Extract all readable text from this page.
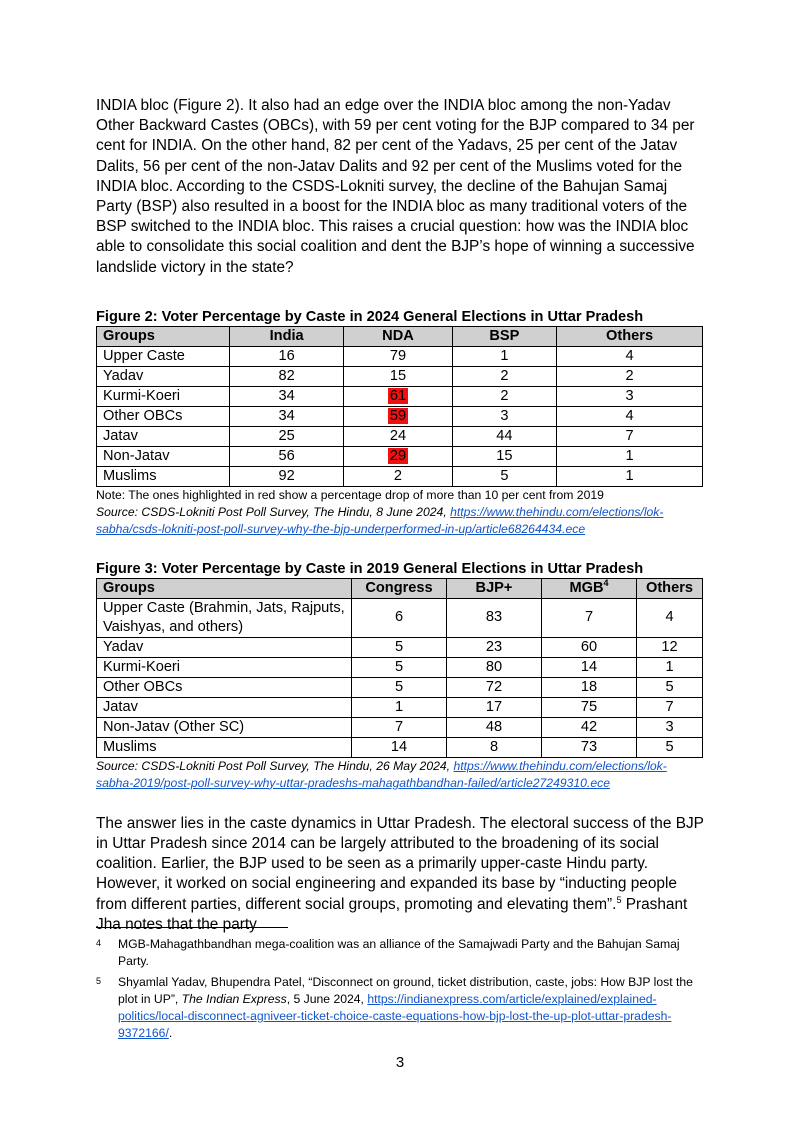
INDIA bloc (Figure 2). It also had an edge over the INDIA bloc among the non-Yadav Other Backward Castes (OBCs), with 59 per cent voting for the BJP compared to 34 per cent for INDIA. On the other hand, 82 per cent of the Yadavs, 25 per cent of the Jatav Dalits, 56 per cent of the non-Jatav Dalits and 92 per cent of the Muslims voted for the INDIA bloc. According to the CSDS-Lokniti survey, the decline of the Bahujan Samaj Party (BSP) also resulted in a boost for the INDIA bloc as many traditional voters of the BSP switched to the INDIA bloc. This raises a crucial question: how was the INDIA bloc able to consolidate this social coalition and dent the BJP’s hope of winning a successive landslide victory in the state?

Figure 2: Voter Percentage by Caste in 2024 General Elections in Uttar Pradesh

Groups	India	NDA	BSP	Others
Upper Caste	16	79	1	4
Yadav	82	15	2	2
Kurmi-Koeri	34	61	2	3
Other OBCs	34	59	3	4
Jatav	25	24	44	7
Non-Jatav	56	29	15	1
Muslims	92	2	5	1

Note: The ones highlighted in red show a percentage drop of more than 10 per cent from 2019

Source: CSDS-Lokniti Post Poll Survey, The Hindu, 8 June 2024, https://www.thehindu.com/elections/lok-sabha/csds-lokniti-post-poll-survey-why-the-bjp-underperformed-in-up/article68264434.ece

Figure 3: Voter Percentage by Caste in 2019 General Elections in Uttar Pradesh

Groups	Congress	BJP+	$MGB^4$	Others
Upper Caste (Brahmin, Jats, Rajputs, Vaishyas, and others)	6	83	7	4
Yadav	5	23	60	12
Kurmi-Koeri	5	80	14	1
Other OBCs	5	72	18	5
Jatav	1	17	75	7
Non-Jatav (Other SC)	7	48	42	3
Muslims	14	8	73	5

Source: CSDS-Lokniti Post Poll Survey, The Hindu, 26 May 2024, https://www.thehindu.com/elections/lok-sabha-2019/post-poll-survey-why-uttar-pradeshs-mahagathbandhan-failed/article27249310.ece

The answer lies in the caste dynamics in Uttar Pradesh. The electoral success of the BJP in Uttar Pradesh since 2014 can be largely attributed to the broadening of its social coalition. Earlier, the BJP used to be seen as a primarily upper-caste Hindu party. However, it worked on social engineering and expanded its base by “inducting people from different parties, different social groups, promoting and elevating them”.$^5$ Prashant Jha notes that the party

4	MGB-Mahagathbandhan mega-coalition was an alliance of the Samajwadi Party and the Bahujan Samaj Party.
5	Shyamlal Yadav, Bhupendra Patel, “Disconnect on ground, ticket distribution, caste, jobs: How BJP lost the plot in UP”, The Indian Express, 5 June 2024, https://indianexpress.com/article/explained/explained-politics/local-disconnect-agniveer-ticket-choice-caste-equations-how-bjp-lost-the-up-plot-uttar-pradesh-9372166/.
3
